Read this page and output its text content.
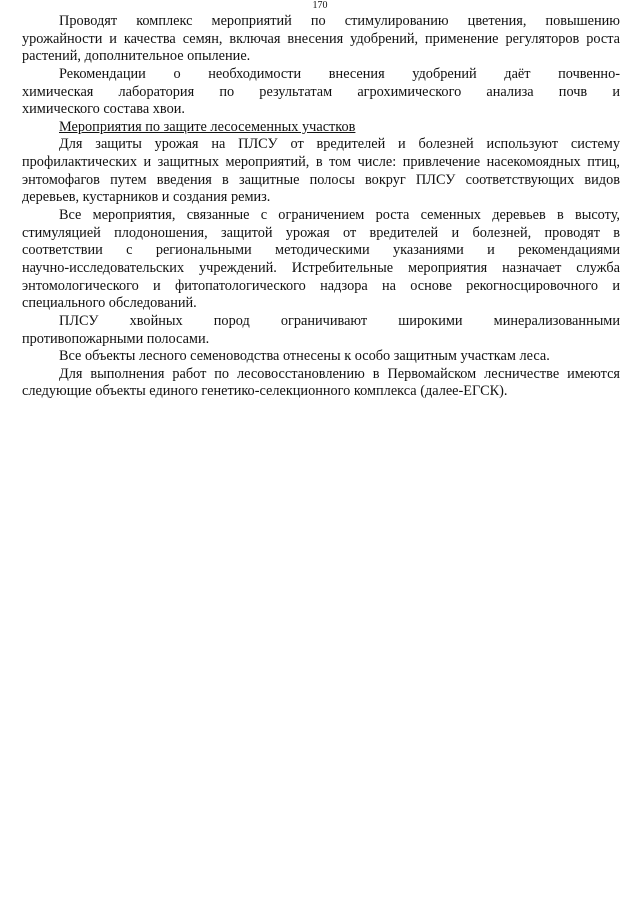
170
Проводят комплекс мероприятий по стимулированию цветения, повышению
урожайности и качества семян, включая внесения удобрений, применение регуляторов роста
растений, дополнительное опыление.
Рекомендации о необходимости внесения удобрений даёт почвенно-
химическая лаборатория по результатам агрохимического анализа почв и
химического состава хвои.
Мероприятия по защите лесосеменных участков
Для защиты урожая на ПЛСУ от вредителей и болезней используют систему
профилактических и защитных мероприятий, в том числе: привлечение насекомоядных птиц,
энтомофагов путем введения в защитные полосы вокруг ПЛСУ соответствующих видов
деревьев, кустарников и создания ремиз.
Все мероприятия, связанные с ограничением роста семенных деревьев в высоту,
стимуляцией плодоношения, защитой урожая от вредителей и болезней, проводят в
соответствии с региональными методическими указаниями и рекомендациями
научно-исследовательских учреждений. Истребительные мероприятия назначает служба
энтомологического и фитопатологического надзора на основе рекогносцировочного и
специального обследований.
ПЛСУ хвойных пород ограничивают широкими минерализованными
противопожарными полосами.
Все объекты лесного семеноводства отнесены к особо защитным участкам леса.
Для выполнения работ по лесовосстановлению в Первомайском лесничестве имеются
следующие объекты единого генетико-селекционного комплекса (далее-ЕГСК).
